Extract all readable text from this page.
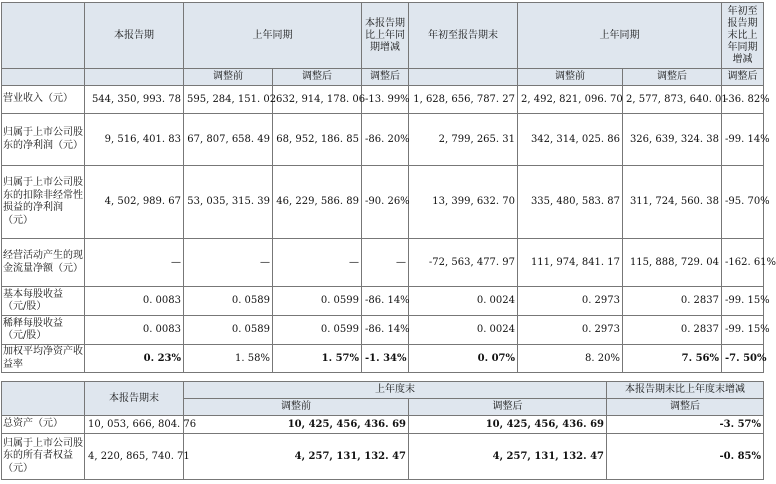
	本报告期	上年同期		本报告期比上年同期增减	年初至报告期末	上年同期		年初至报告期末比上年同期增减
		调整前	调整后	调整后		调整前	调整后	调整后
营业收入（元）	544, 350, 993. 78	595, 284, 151. 02	632, 914, 178. 06	-13. 99%	1, 628, 656, 787. 27	2, 492, 821, 096. 70	2, 577, 873, 640. 01	-36. 82%
归属于上市公司股东的净利润（元）	9, 516, 401. 83	67, 807, 658. 49	68, 952, 186. 85	-86. 20%	2, 799, 265. 31	342, 314, 025. 86	326, 639, 324. 38	-99. 14%
归属于上市公司股东的扣除非经常性损益的净利润（元）	4, 502, 989. 67	53, 035, 315. 39	46, 229, 586. 89	-90. 26%	13, 399, 632. 70	335, 480, 583. 87	311, 724, 560. 38	-95. 70%
经营活动产生的现金流量净额（元）	—	—	—	—	-72, 563, 477. 97	111, 974, 841. 17	115, 888, 729. 04	-162. 61%
基本每股收益（元/股）	0. 0083	0. 0589	0. 0599	-86. 14%	0. 0024	0. 2973	0. 2837	-99. 15%
稀释每股收益（元/股）	0. 0083	0. 0589	0. 0599	-86. 14%	0. 0024	0. 2973	0. 2837	-99. 15%
加权平均净资产收益率	0. 23%	1. 58%	1. 57%	-1. 34%	0. 07%	8. 20%	7. 56%	-7. 50%
	本报告期末	上年度末		本报告期末比上年度末增减
		调整前	调整后	调整后
总资产（元）	10, 053, 666, 804. 76	10, 425, 456, 436. 69	10, 425, 456, 436. 69	-3. 57%
归属于上市公司股东的所有者权益（元）	4, 220, 865, 740. 71	4, 257, 131, 132. 47	4, 257, 131, 132. 47	-0. 85%
